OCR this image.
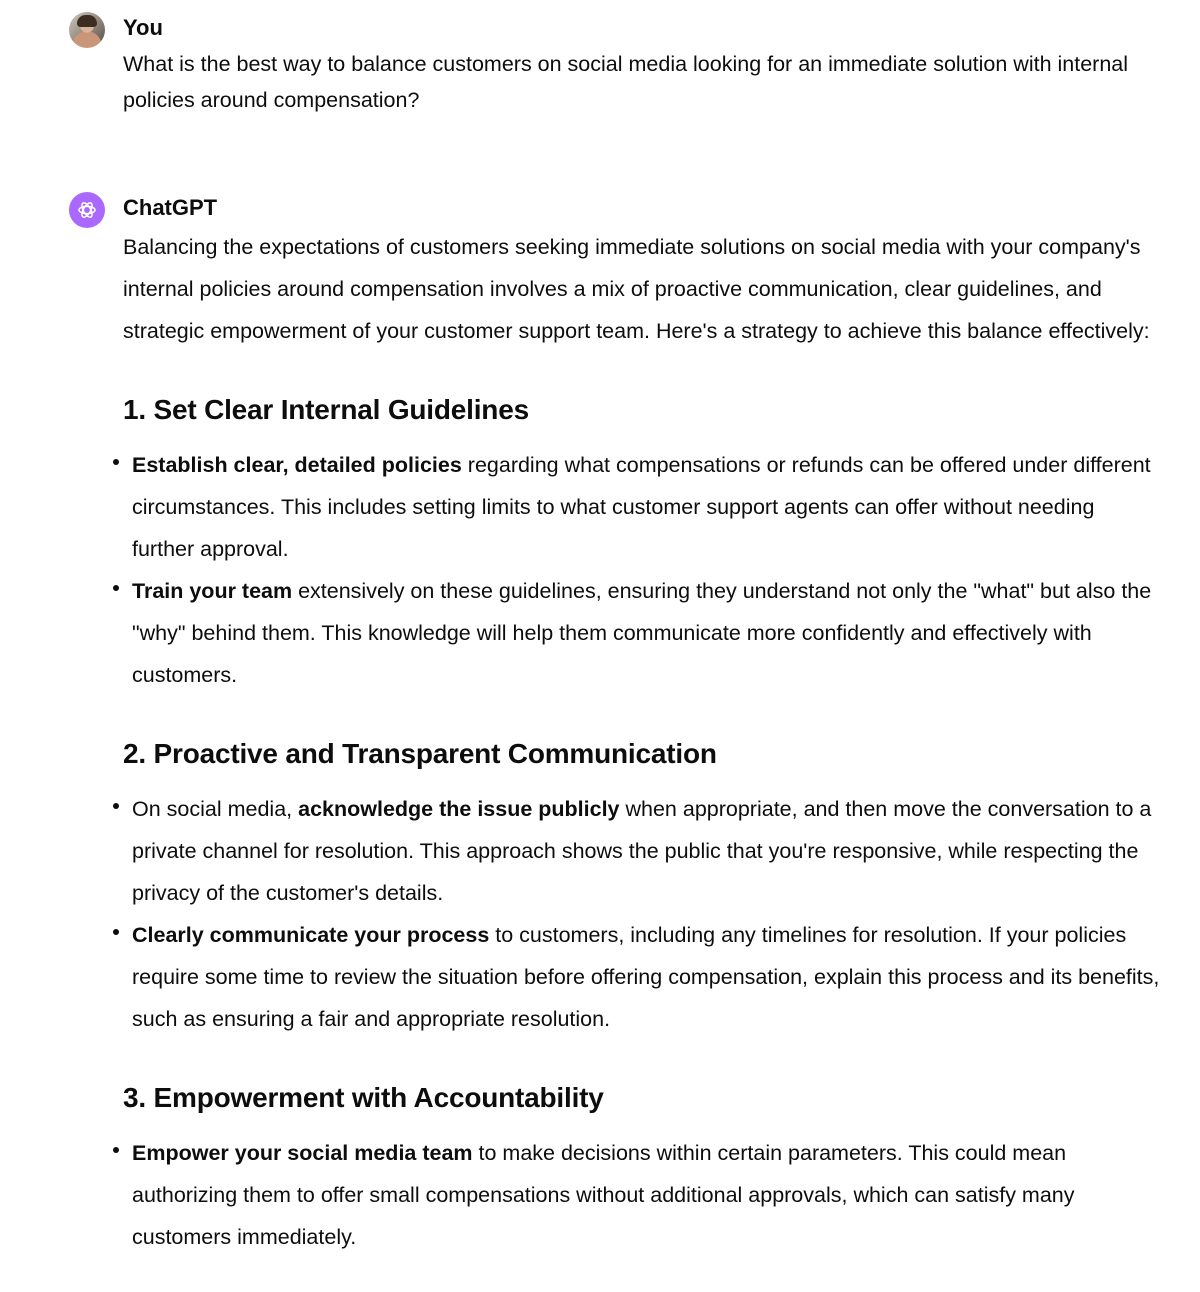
You

What is the best way to balance customers on social media looking for an immediate solution with internal policies around compensation?

ChatGPT

Balancing the expectations of customers seeking immediate solutions on social media with your company's internal policies around compensation involves a mix of proactive communication, clear guidelines, and strategic empowerment of your customer support team. Here's a strategy to achieve this balance effectively:

1. Set Clear Internal Guidelines
Establish clear, detailed policies regarding what compensations or refunds can be offered under different circumstances. This includes setting limits to what customer support agents can offer without needing further approval.
Train your team extensively on these guidelines, ensuring they understand not only the "what" but also the "why" behind them. This knowledge will help them communicate more confidently and effectively with customers.
2. Proactive and Transparent Communication
On social media, acknowledge the issue publicly when appropriate, and then move the conversation to a private channel for resolution. This approach shows the public that you're responsive, while respecting the privacy of the customer's details.
Clearly communicate your process to customers, including any timelines for resolution. If your policies require some time to review the situation before offering compensation, explain this process and its benefits, such as ensuring a fair and appropriate resolution.
3. Empowerment with Accountability
Empower your social media team to make decisions within certain parameters. This could mean authorizing them to offer small compensations without additional approvals, which can satisfy many customers immediately.
